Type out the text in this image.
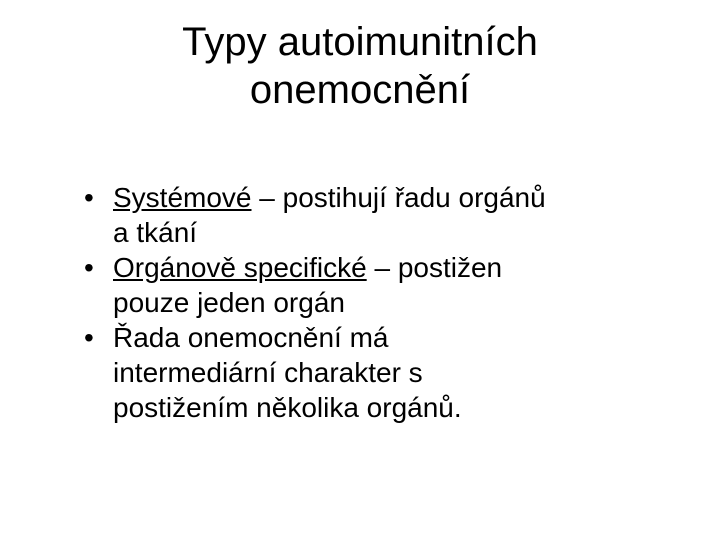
Typy autoimunitních
onemocnění
• Systémové – postihují řadu orgánů
a tkání
• Orgánově specifické – postižen
pouze jeden orgán
• Řada onemocnění má
intermediární charakter s
postižením několika orgánů.
